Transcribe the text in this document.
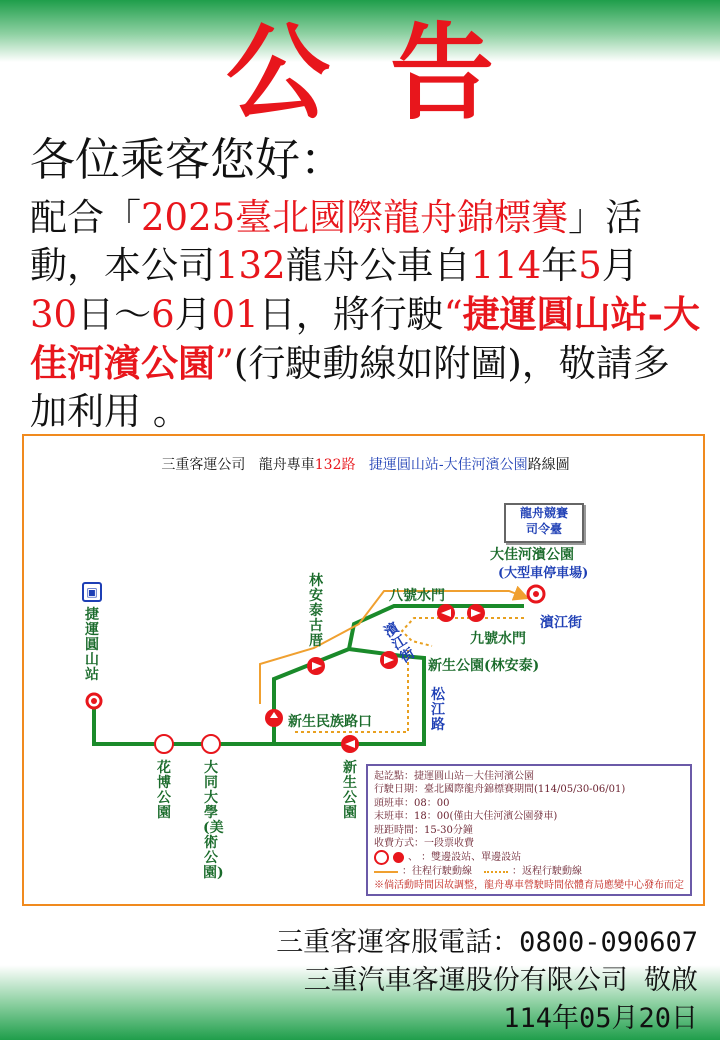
公告
各位乘客您好：
配合「2025臺北國際龍舟錦標賽」活動，本公司132龍舟公車自114年5月
30日～6月01日，將行駛“捷運圓山站-大佳河濱公園”(行駛動線如附圖)，敬請多加利用 。
三重客運公司 龍舟專車132路 捷運圓山站-大佳河濱公園路線圖
龍舟競賽
司令臺
▣
捷運圓山站
花博公園
大同大學(美術公園)
新生公園
林安泰古厝
新生民族路口
新生公園(林安泰)
大佳河濱公園
(大型車停車場)
八號水門
九號水門
濱江街
濱江街
松江路
起訖點：捷運圓山站－大佳河濱公園
行駛日期：臺北國際龍舟錦標賽期間(114/05/30-06/01)
頭班車：08：00
末班車：18：00(僅由大佳河濱公園發車)
班距時間：15-30分鐘
收費方式：一段票收費
、 ：雙邊設站、單邊設站
：往程行駛動線	：返程行駛動線
※倘活動時間因故調整，龍舟專車營駛時間依體育局應變中心發布而定
三重客運客服電話：0800-090607
三重汽車客運股份有限公司 敬啟
114年05月20日
